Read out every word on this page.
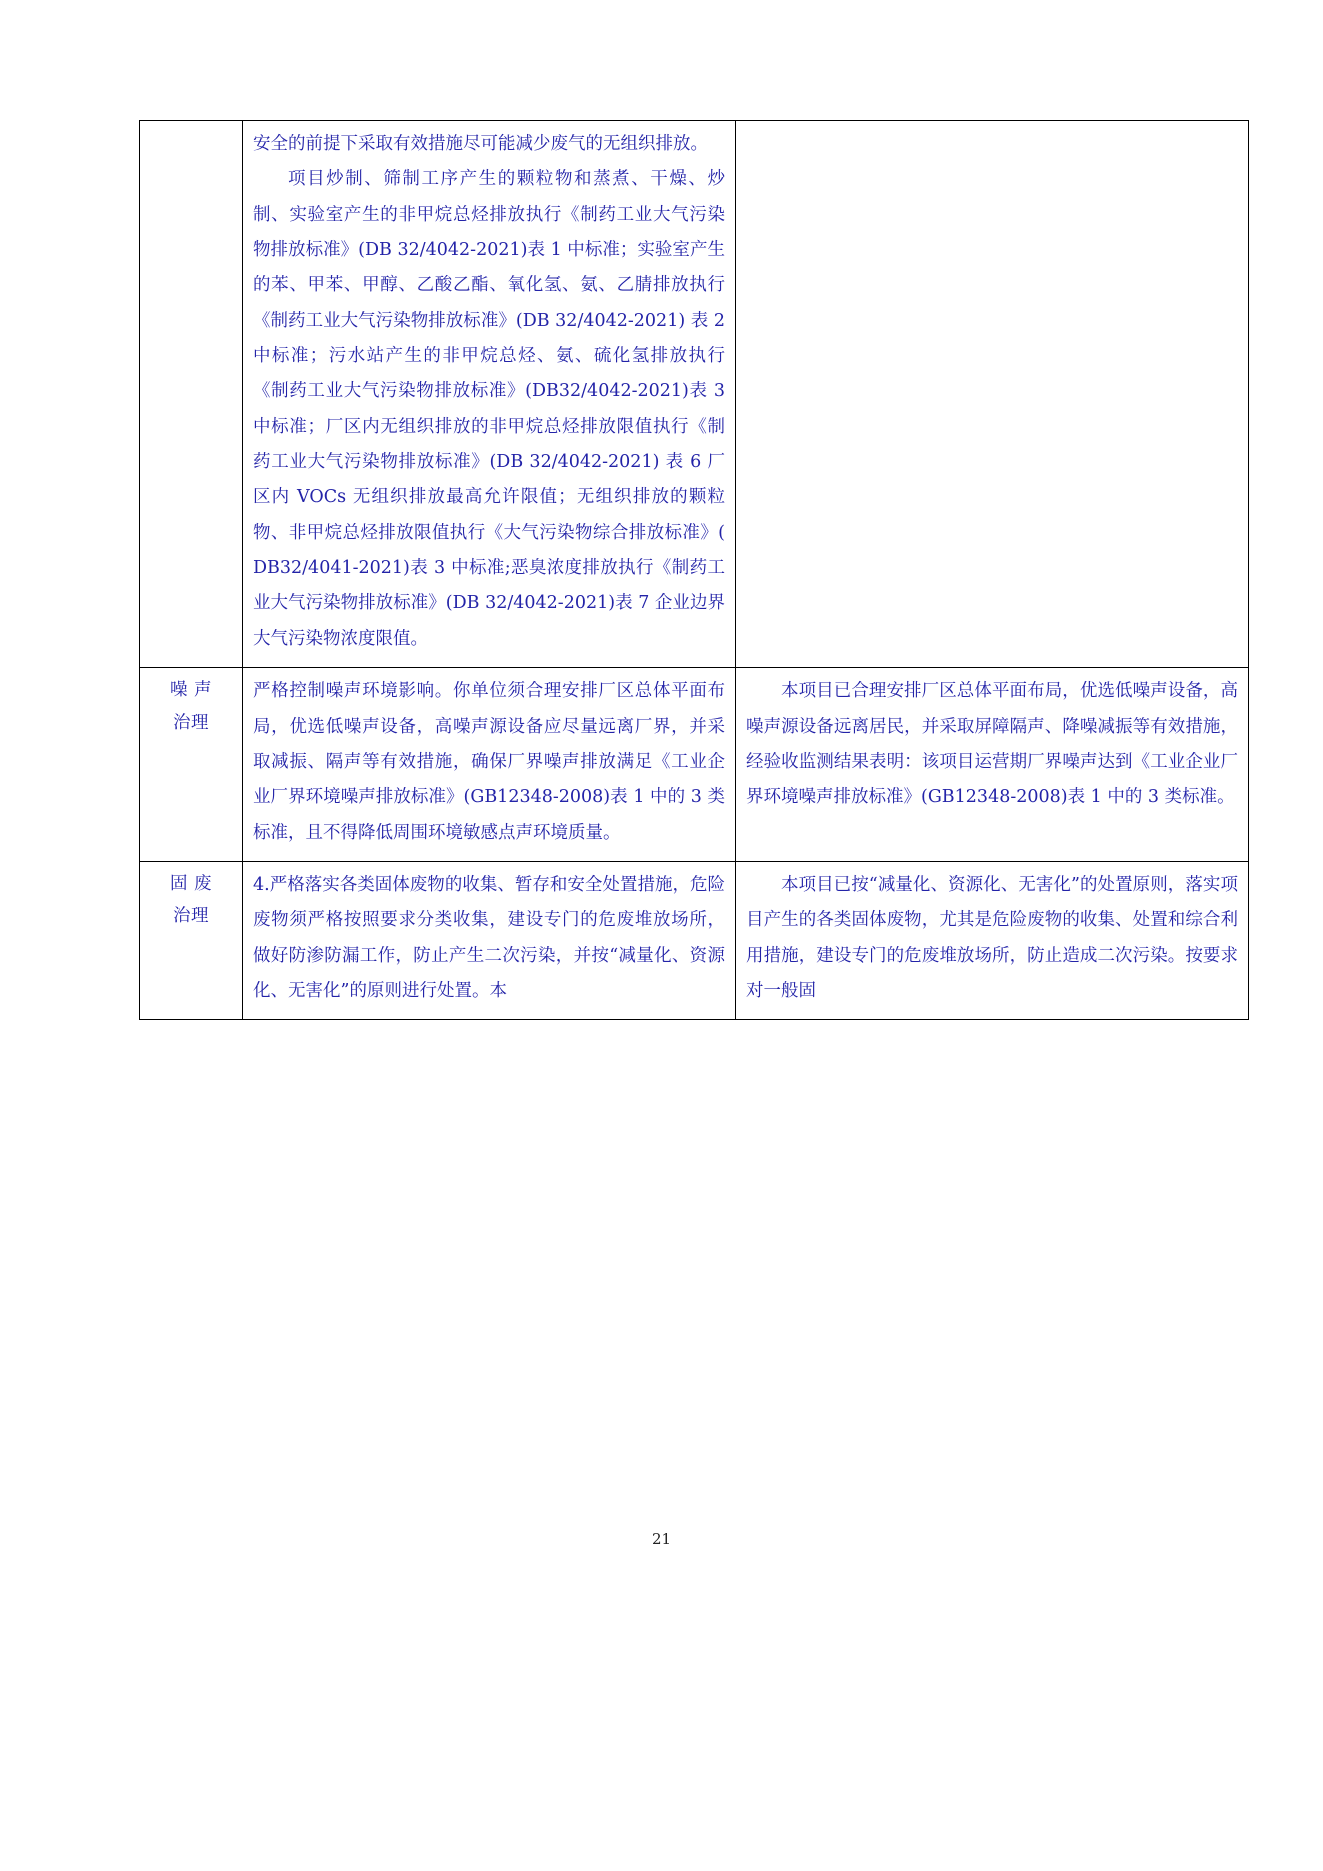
	安全的前提下采取有效措施尽可能减少废气的无组织排放。

项目炒制、筛制工序产生的颗粒物和蒸煮、干燥、炒制、实验室产生的非甲烷总烃排放执行《制药工业大气污染物排放标准》(DB 32/4042-2021)表 1 中标准；实验室产生的苯、甲苯、甲醇、乙酸乙酯、氧化氢、氨、乙腈排放执行《制药工业大气污染物排放标准》(DB 32/4042-2021) 表 2 中标准；污水站产生的非甲烷总烃、氨、硫化氢排放执行《制药工业大气污染物排放标准》(DB32/4042-2021)表 3 中标准；厂区内无组织排放的非甲烷总烃排放限值执行《制药工业大气污染物排放标准》(DB 32/4042-2021) 表 6 厂区内 VOCs 无组织排放最高允许限值；无组织排放的颗粒物、非甲烷总烃排放限值执行《大气污染物综合排放标准》( DB32/4041-2021)表 3 中标准;恶臭浓度排放执行《制药工业大气污染物排放标准》(DB 32/4042-2021)表 7 企业边界大气污染物浓度限值。	

噪 声
治理	严格控制噪声环境影响。你单位须合理安排厂区总体平面布局，优选低噪声设备，高噪声源设备应尽量远离厂界，并采取减振、隔声等有效措施，确保厂界噪声排放满足《工业企业厂界环境噪声排放标准》(GB12348-2008)表 1 中的 3 类标准，且不得降低周围环境敏感点声环境质量。	本项目已合理安排厂区总体平面布局，优选低噪声设备，高噪声源设备远离居民，并采取屏障隔声、降噪减振等有效措施，经验收监测结果表明：该项目运营期厂界噪声达到《工业企业厂界环境噪声排放标准》(GB12348-2008)表 1 中的 3 类标准。

固 废
治理	4.严格落实各类固体废物的收集、暂存和安全处置措施，危险废物须严格按照要求分类收集，建设专门的危废堆放场所，做好防渗防漏工作，防止产生二次污染，并按“减量化、资源化、无害化”的原则进行处置。本	本项目已按“减量化、资源化、无害化”的处置原则，落实项目产生的各类固体废物，尤其是危险废物的收集、处置和综合利用措施，建设专门的危废堆放场所，防止造成二次污染。按要求对一般固

21
